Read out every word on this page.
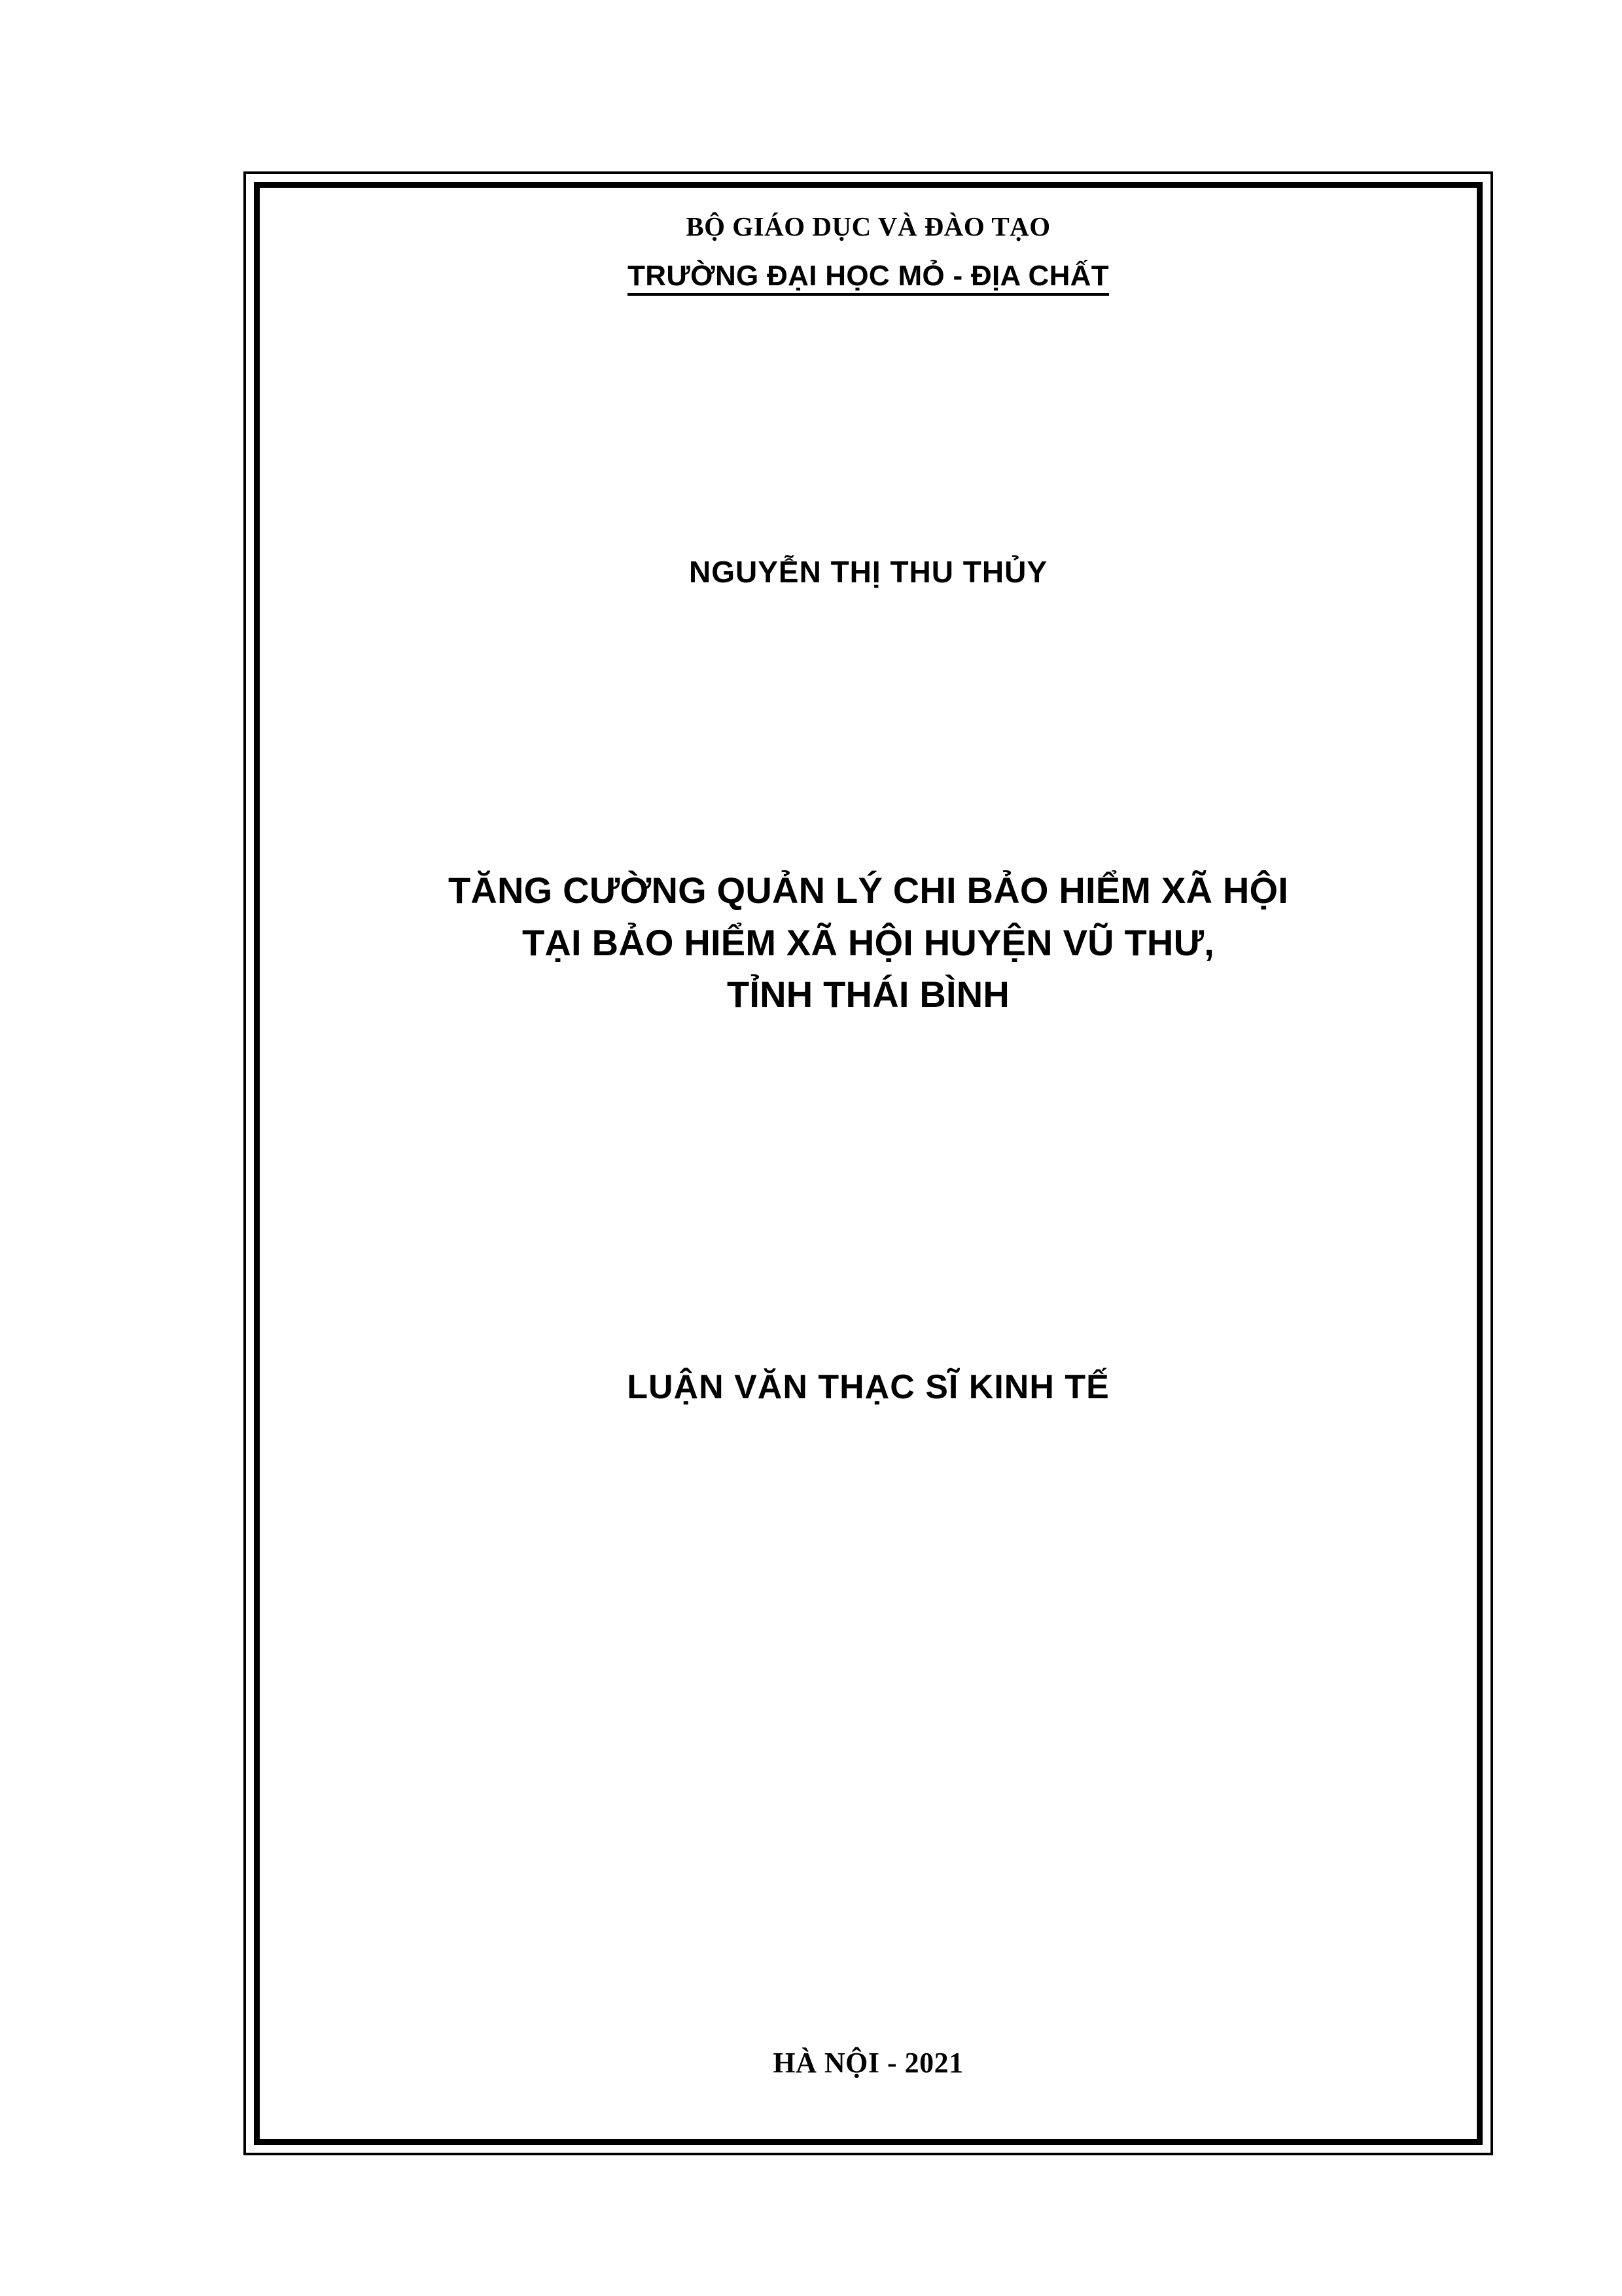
BỘ GIÁO DỤC VÀ ĐÀO TẠO
TRƯỜNG ĐẠI HỌC MỎ - ĐỊA CHẤT
NGUYỄN THỊ THU THỦY
TĂNG CƯỜNG QUẢN LÝ CHI BẢO HIỂM XÃ HỘI
TẠI BẢO HIỂM XÃ HỘI HUYỆN VŨ THƯ,
TỈNH THÁI BÌNH
LUẬN VĂN THẠC SĨ KINH TẾ
HÀ NỘI - 2021
